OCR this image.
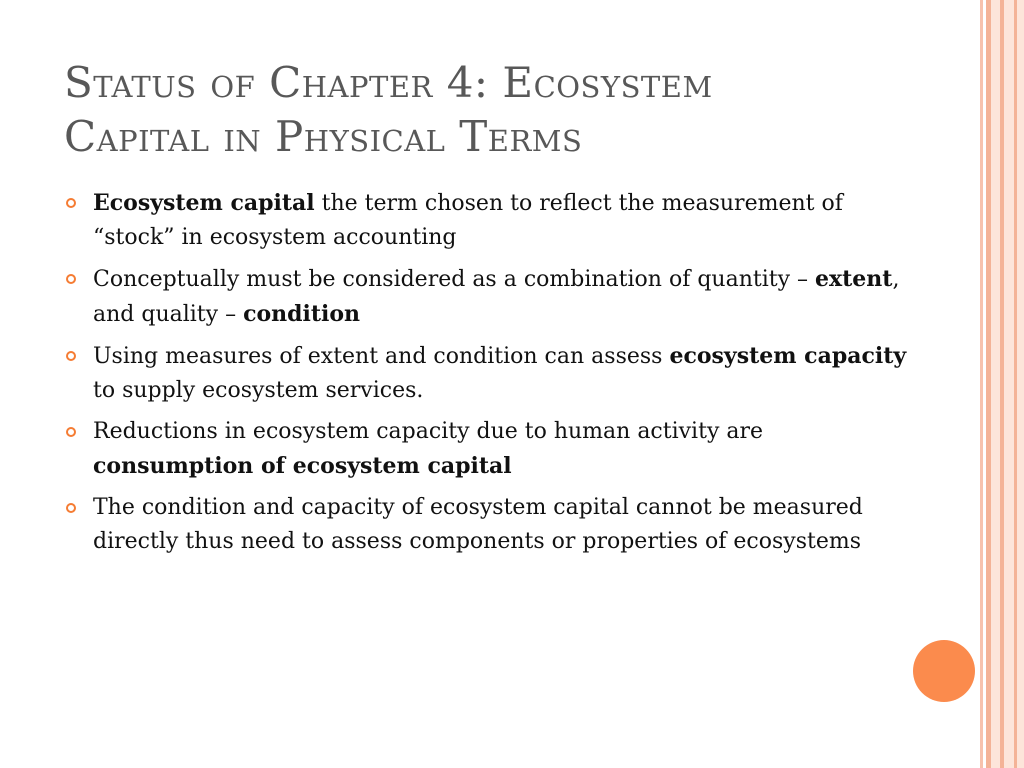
Status of Chapter 4: Ecosystem
Capital in Physical Terms
Ecosystem capital the term chosen to reflect the measurement of “stock” in ecosystem accounting
Conceptually must be considered as a combination of quantity – extent, and quality – condition
Using measures of extent and condition can assess ecosystem capacity to supply ecosystem services.
Reductions in ecosystem capacity due to human activity are consumption of ecosystem capital
The condition and capacity of ecosystem capital cannot be measured directly thus need to assess components or properties of ecosystems
